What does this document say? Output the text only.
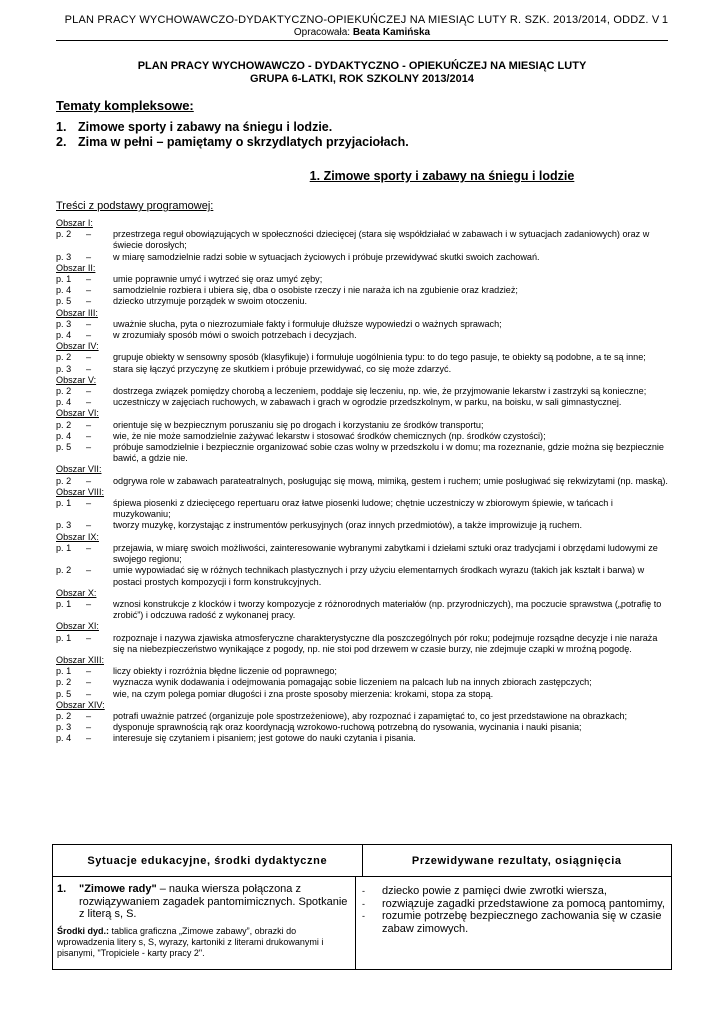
PLAN PRACY WYCHOWAWCZO-DYDAKTYCZNO-OPIEKUŃCZEJ NA MIESIĄC LUTY R. SZK. 2013/2014, ODDZ. V
Opracowała: Beata Kamińska
1
PLAN PRACY WYCHOWAWCZO - DYDAKTYCZNO - OPIEKUŃCZEJ NA MIESIĄC LUTY
GRUPA 6-LATKI, ROK SZKOLNY 2013/2014
Tematy kompleksowe:
1. Zimowe sporty i zabawy na śniegu i lodzie.
2. Zima w pełni – pamiętamy o skrzydlatych przyjaciołach.
1. Zimowe sporty i zabawy na śniegu i lodzie
Treści z podstawy programowej:
Obszar I:
p. 2	–	przestrzega reguł obowiązujących w społeczności dziecięcej (stara się współdziałać w zabawach i w sytuacjach zadaniowych) oraz w świecie dorosłych;
p. 3	–	w miarę samodzielnie radzi sobie w sytuacjach życiowych i próbuje przewidywać skutki swoich zachowań.
Obszar II:
p. 1	–	umie poprawnie umyć i wytrzeć się oraz umyć zęby;
p. 4	–	samodzielnie rozbiera i ubiera się, dba o osobiste rzeczy i nie naraża ich na zgubienie oraz kradzież;
p. 5	–	dziecko utrzymuje porządek w swoim otoczeniu.
Obszar III:
p. 3	–	uważnie słucha, pyta o niezrozumiałe fakty i formułuje dłuższe wypowiedzi o ważnych sprawach;
p. 4	–	w zrozumiały sposób mówi o swoich potrzebach i decyzjach.
Obszar IV:
p. 2	–	grupuje obiekty w sensowny sposób (klasyfikuje) i formułuje uogólnienia typu: to do tego pasuje, te obiekty są podobne, a te są inne;
p. 3	–	stara się łączyć przyczynę ze skutkiem i próbuje przewidywać, co się może zdarzyć.
Obszar V:
p. 2	–	dostrzega związek pomiędzy chorobą a leczeniem, poddaje się leczeniu, np. wie, że przyjmowanie lekarstw i zastrzyki są konieczne;
p. 4	–	uczestniczy w zajęciach ruchowych, w zabawach i grach w ogrodzie przedszkolnym, w parku, na boisku, w sali gimnastycznej.
Obszar VI:
p. 2	–	orientuje się w bezpiecznym poruszaniu się po drogach i korzystaniu ze środków transportu;
p. 4	–	wie, że nie może samodzielnie zażywać lekarstw i stosować środków chemicznych (np. środków czystości);
p. 5	–	próbuje samodzielnie i bezpiecznie organizować sobie czas wolny w przedszkolu i w domu; ma rozeznanie, gdzie można się bezpiecznie bawić, a gdzie nie.
Obszar VII:
p. 2	–	odgrywa role w zabawach parateatralnych, posługując się mową, mimiką, gestem i ruchem; umie posługiwać się rekwizytami (np. maską).
Obszar VIII:
p. 1	–	śpiewa piosenki z dziecięcego repertuaru oraz łatwe piosenki ludowe; chętnie uczestniczy w zbiorowym śpiewie, w tańcach i muzykowaniu;
p. 3	–	tworzy muzykę, korzystając z instrumentów perkusyjnych (oraz innych przedmiotów), a także improwizuje ją ruchem.
Obszar IX:
p. 1	–	przejawia, w miarę swoich możliwości, zainteresowanie wybranymi zabytkami i dziełami sztuki oraz tradycjami i obrzędami ludowymi ze swojego regionu;
p. 2	–	umie wypowiadać się w różnych technikach plastycznych i przy użyciu elementarnych środkach wyrazu (takich jak kształt i barwa) w postaci prostych kompozycji i form konstrukcyjnych.
Obszar X:
p. 1	–	wznosi konstrukcje z klocków i tworzy kompozycje z różnorodnych materiałów (np. przyrodniczych), ma poczucie sprawstwa („potrafię to zrobić”) i odczuwa radość z wykonanej pracy.
Obszar XI:
p. 1	–	rozpoznaje i nazywa zjawiska atmosferyczne charakterystyczne dla poszczególnych pór roku; podejmuje rozsądne decyzje i nie naraża się na niebezpieczeństwo wynikające z pogody, np. nie stoi pod drzewem w czasie burzy, nie zdejmuje czapki w mroźną pogodę.
Obszar XIII:
p. 1	–	liczy obiekty i rozróżnia błędne liczenie od poprawnego;
p. 2	–	wyznacza wynik dodawania i odejmowania pomagając sobie liczeniem na palcach lub na innych zbiorach zastępczych;
p. 5	–	wie, na czym polega pomiar długości i zna proste sposoby mierzenia: krokami, stopa za stopą.
Obszar XIV:
p. 2	–	potrafi uważnie patrzeć (organizuje pole spostrzeżeniowe), aby rozpoznać i zapamiętać to, co jest przedstawione na obrazkach;
p. 3	–	dysponuje sprawnością rąk oraz koordynacją wzrokowo-ruchową potrzebną do rysowania, wycinania i nauki pisania;
p. 4	–	interesuje się czytaniem i pisaniem; jest gotowe do nauki czytania i pisania.
Sytuacje edukacyjne, środki dydaktyczne	Przewidywane rezultaty, osiągnięcia
1.	"Zimowe rady" – nauka wiersza połączona z rozwiązywaniem zagadek pantomimicznych. Spotkanie z literą s, S.
Środki dyd.: tablica graficzna „Zimowe zabawy”, obrazki do wprowadzenia litery s, S, wyrazy, kartoniki z literami drukowanymi i pisanymi, "Tropiciele - karty pracy 2".
-	dziecko powie z pamięci dwie zwrotki wiersza,
-	rozwiązuje zagadki przedstawione za pomocą pantomimy,
-	rozumie potrzebę bezpiecznego zachowania się w czasie zabaw zimowych.
